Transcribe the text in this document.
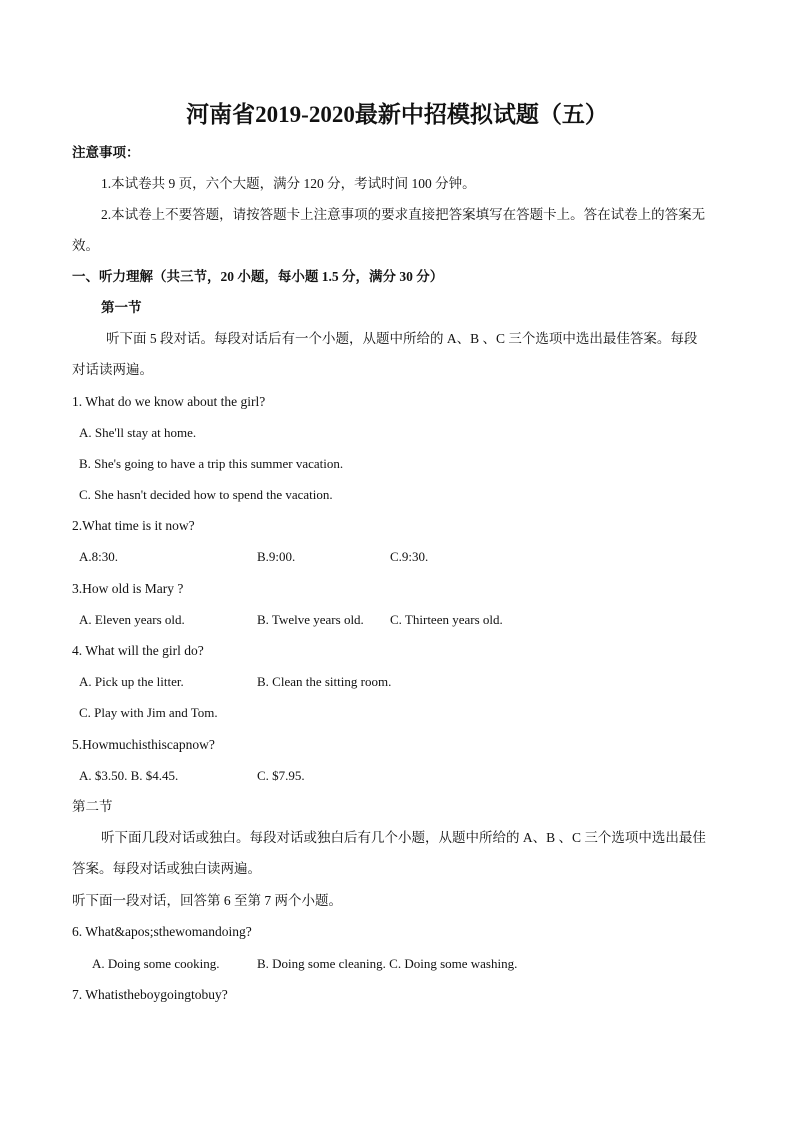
河南省2019-2020最新中招模拟试题（五）
注意事项：
1.本试卷共 9 页，六个大题，满分 120 分，考试时间 100 分钟。
2.本试卷上不要答题，请按答题卡上注意事项的要求直接把答案填写在答题卡上。答在试卷上的答案无
效。
一、听力理解（共三节，20 小题，每小题 1.5 分，满分 30 分）
第一节
听下面 5 段对话。每段对话后有一个小题，从题中所给的 A、B 、C 三个选项中选出最佳答案。每段
对话读两遍。
1. What do we know about the girl?
A. She'll stay at home.
B. She's going to have a trip this summer vacation.
C. She hasn't decided how to spend the vacation.
2.What time is it now?
A.8:30.	B.9:00.	C.9:30.
3.How old is Mary ?
A. Eleven years old.	B. Twelve years old. C. Thirteen years old.
4. What will the girl do?
A. Pick up the litter.	B. Clean the sitting room.
C. Play with Jim and Tom.
5.Howmuchisthiscapnow?
A. $3.50. B. $4.45.	C. $7.95.
第二节
听下面几段对话或独白。每段对话或独白后有几个小题，从题中所给的 A、B 、C 三个选项中选出最佳
答案。每段对话或独白读两遍。
听下面一段对话，回答第 6 至第 7 两个小题。
6. What&apos;sthewomandoing?
A. Doing some cooking.	B. Doing some cleaning. C. Doing some washing.
7. Whatistheboygoingtobuy?
